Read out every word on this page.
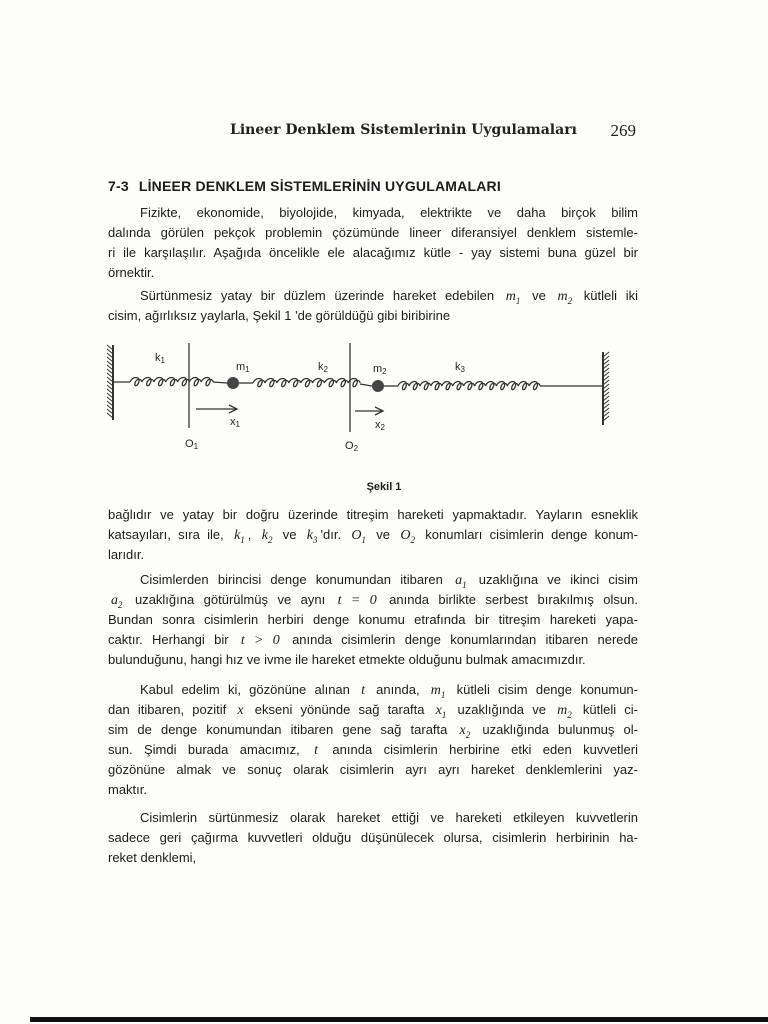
Lineer Denklem Sistemlerinin Uygulamaları 269
7-3 LİNEER DENKLEM SİSTEMLERİNİN UYGULAMALARI
Fizikte, ekonomide, biyolojide, kimyada, elektrikte ve daha birçok bilim
dalında görülen pekçok problemin çözümünde lineer diferansiyel denklem sistemle-
ri ile karşılaşılır. Aşağıda öncelikle ele alacağımız kütle - yay sistemi buna güzel bir
örnektir.
Sürtünmesiz yatay bir düzlem üzerinde hareket edebilen $m_1$ ve $m_2$ kütleli iki
cisim, ağırlıksız yaylarla, Şekil 1 'de görüldüğü gibi biribirine
bağlıdır ve yatay bir doğru üzerinde titreşim hareketi yapmaktadır. Yayların esneklik
katsayıları, sıra ile, $k_1$ , $k_2$ ve $k_3$ 'dır. $O_1$ ve $O_2$ konumları cisimlerin denge konum-
larıdır.
Cisimlerden birincisi denge konumundan itibaren $a_1$ uzaklığına ve ikinci cisim
$a_2$ uzaklığına götürülmüş ve aynı t = 0 anında birlikte serbest bırakılmış olsun.
Bundan sonra cisimlerin herbiri denge konumu etrafında bir titreşim hareketi yapa-
caktır. Herhangi bir t > 0 anında cisimlerin denge konumlarından itibaren nerede
bulunduğunu, hangi hız ve ivme ile hareket etmekte olduğunu bulmak amacımızdır.
Kabul edelim ki, gözönüne alınan t anında, $m_1$ kütleli cisim denge konumun-
dan itibaren, pozitif x ekseni yönünde sağ tarafta $x_1$ uzaklığında ve $m_2$ kütleli ci-
sim de denge konumundan itibaren gene sağ tarafta $x_2$ uzaklığında bulunmuş ol-
sun. Şimdi burada amacımız, t anında cisimlerin herbirine etki eden kuvvetleri
gözönüne almak ve sonuç olarak cisimlerin ayrı ayrı hareket denklemlerini yaz-
maktır.
Cisimlerin sürtünmesiz olarak hareket ettiği ve hareketi etkileyen kuvvetlerin
sadece geri çağırma kuvvetleri olduğu düşünülecek olursa, cisimlerin herbirinin ha-
reket denklemi,
k1
m1	k2	m2	k3
x1	x2
O1	O2
Şekil 1
